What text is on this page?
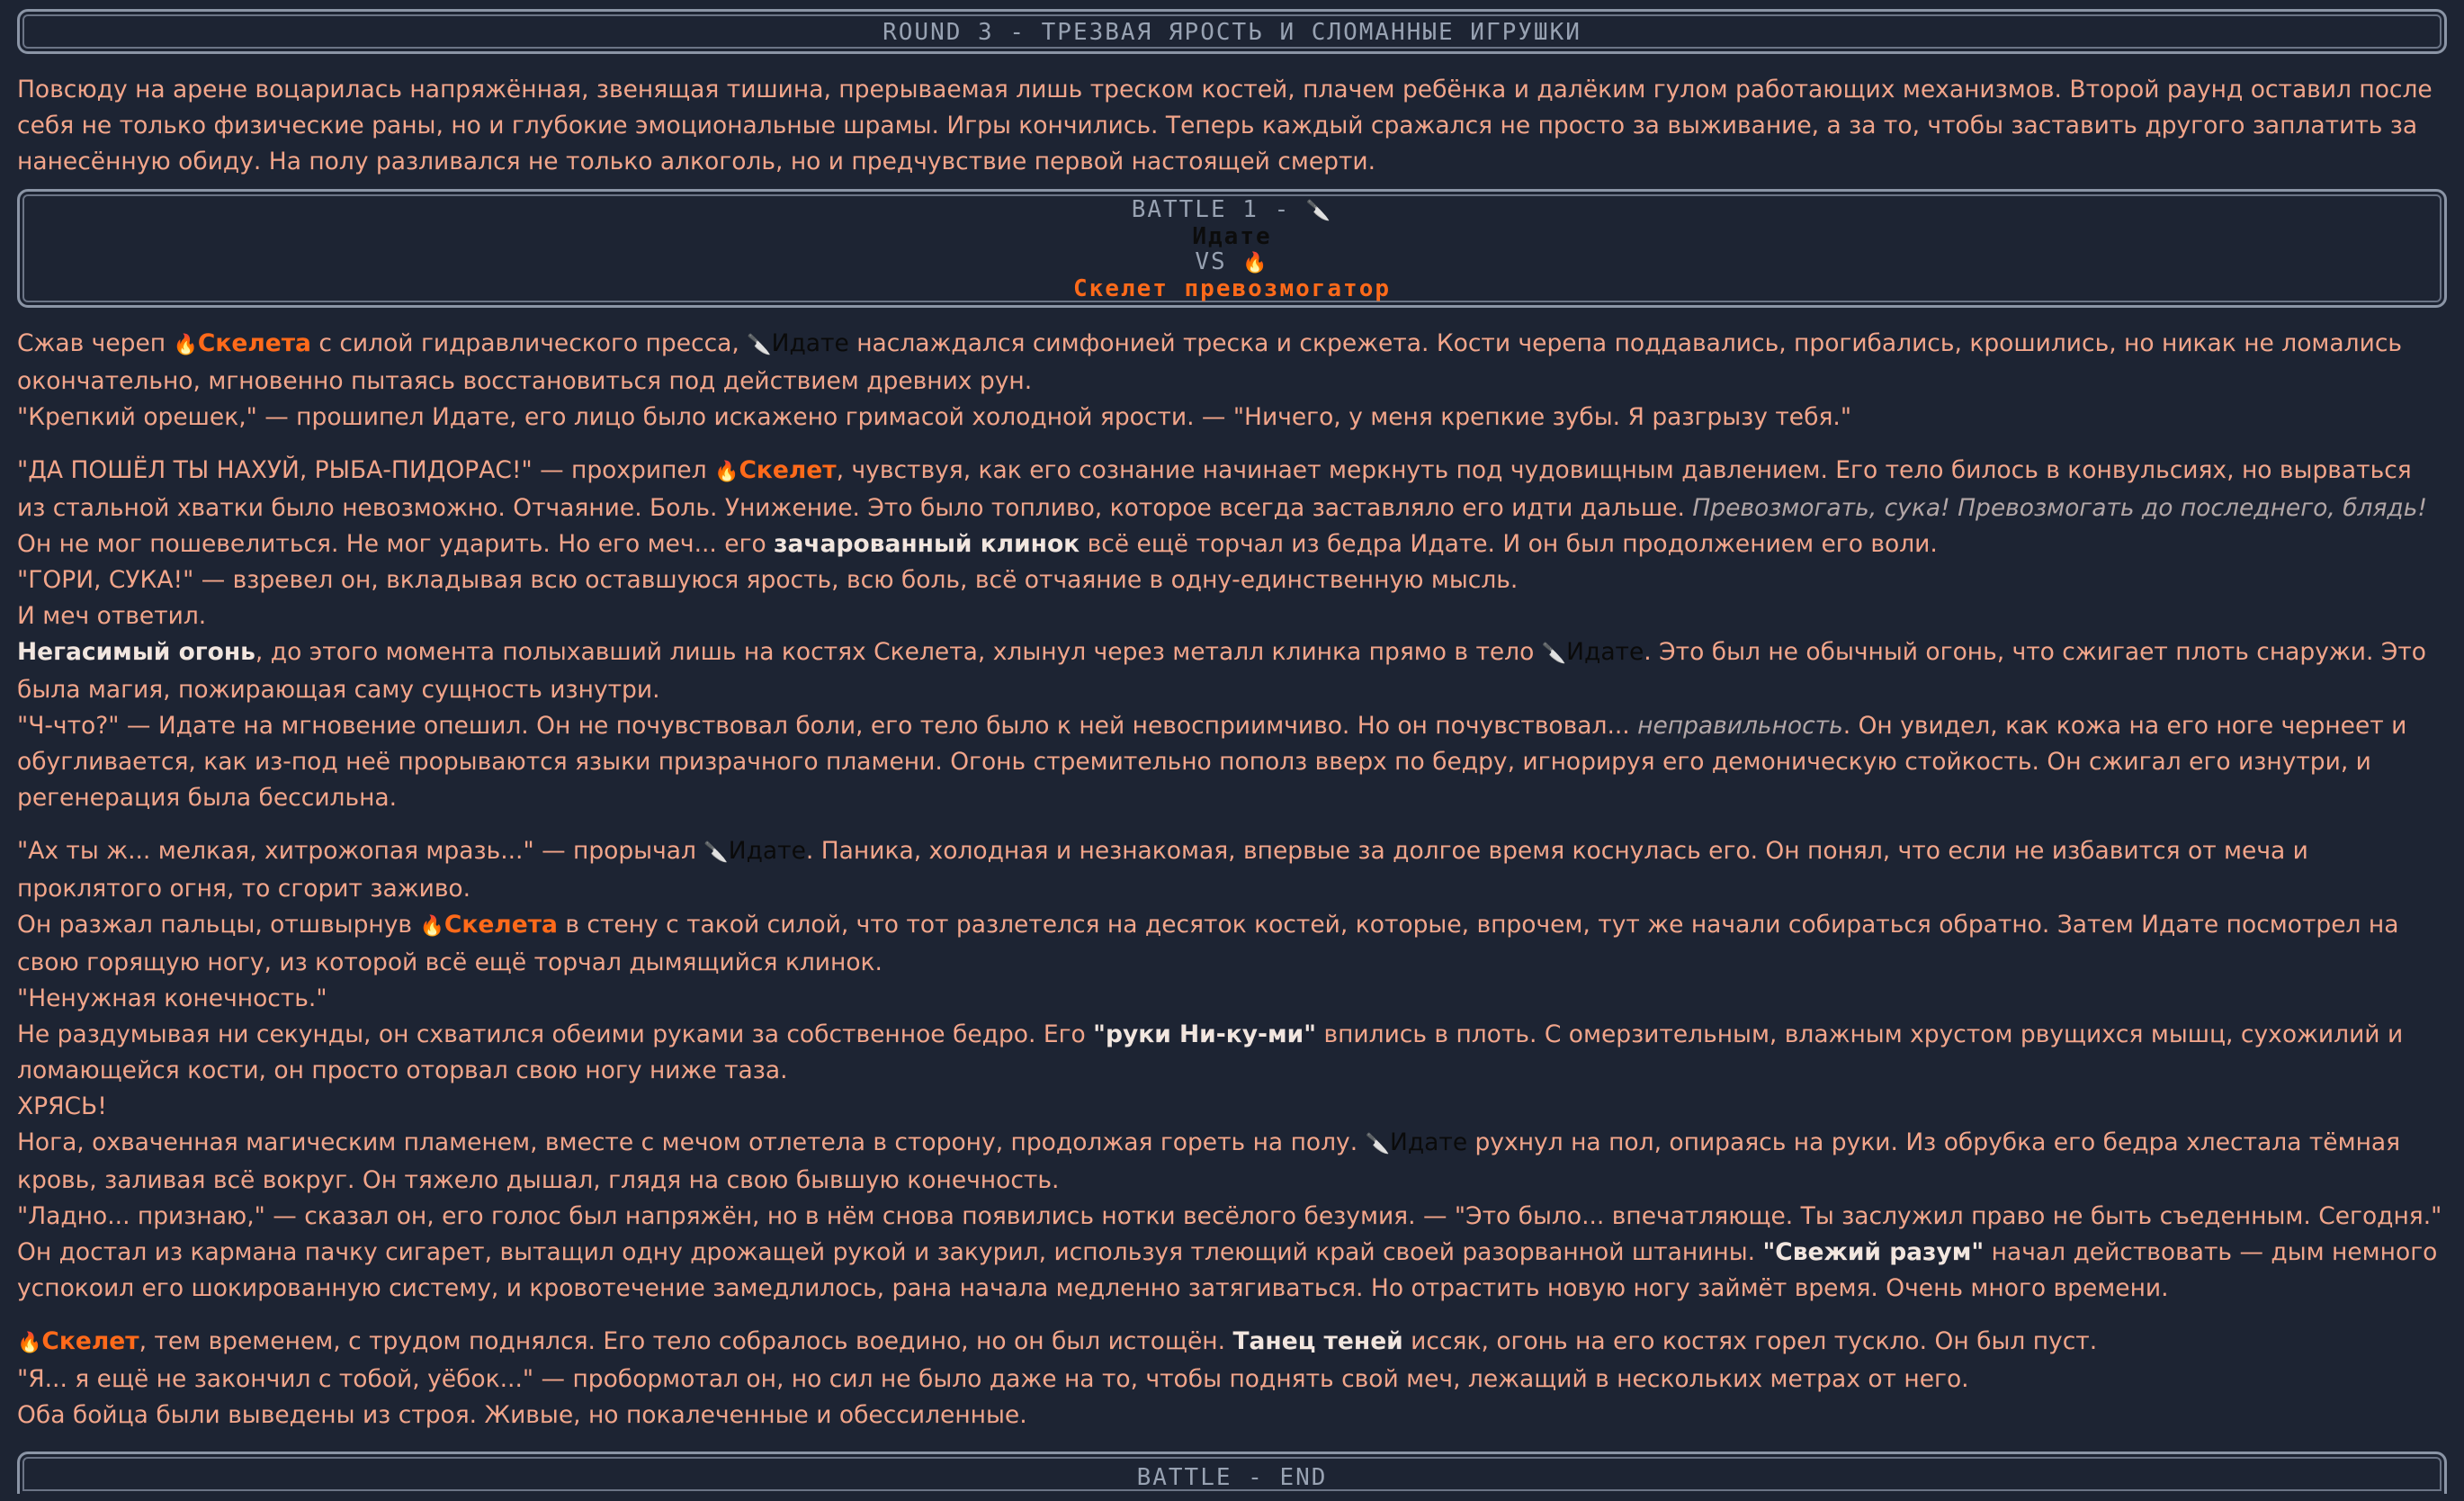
ROUND 3 - ТРЕЗВАЯ ЯРОСТЬ И СЛОМАННЫЕ ИГРУШКИ

Повсюду на арене воцарилась напряжённая, звенящая тишина, прерываемая лишь треском костей, плачем ребёнка и далёким гулом работающих механизмов. Второй раунд оставил после себя не только физические раны, но и глубокие эмоциональные шрамы. Игры кончились. Теперь каждый сражался не просто за выживание, а за то, чтобы заставить другого заплатить за нанесённую обиду. На полу разливался не только алкоголь, но и предчувствие первой настоящей смерти.

BATTLE 1 - 🔪
Идате
VS 🔥
Скелет превозмогатор

Сжав череп 🔥Скелета с силой гидравлического пресса, 🔪Идате наслаждался симфонией треска и скрежета. Кости черепа поддавались, прогибались, крошились, но никак не ломались окончательно, мгновенно пытаясь восстановиться под действием древних рун.

"Крепкий орешек," — прошипел Идате, его лицо было искажено гримасой холодной ярости. — "Ничего, у меня крепкие зубы. Я разгрызу тебя."

"ДА ПОШЁЛ ТЫ НАХУЙ, РЫБА-ПИДОРАС!" — прохрипел 🔥Скелет, чувствуя, как его сознание начинает меркнуть под чудовищным давлением. Его тело билось в конвульсиях, но вырваться из стальной хватки было невозможно. Отчаяние. Боль. Унижение. Это было топливо, которое всегда заставляло его идти дальше. Превозмогать, сука! Превозмогать до последнего, блядь!

Он не мог пошевелиться. Не мог ударить. Но его меч... его зачарованный клинок всё ещё торчал из бедра Идате. И он был продолжением его воли.

"ГОРИ, СУКА!" — взревел он, вкладывая всю оставшуюся ярость, всю боль, всё отчаяние в одну-единственную мысль.

И меч ответил.

Негасимый огонь, до этого момента полыхавший лишь на костях Скелета, хлынул через металл клинка прямо в тело 🔪Идате. Это был не обычный огонь, что сжигает плоть снаружи. Это была магия, пожирающая саму сущность изнутри.

"Ч-что?" — Идате на мгновение опешил. Он не почувствовал боли, его тело было к ней невосприимчиво. Но он почувствовал... неправильность. Он увидел, как кожа на его ноге чернеет и обугливается, как из-под неё прорываются языки призрачного пламени. Огонь стремительно пополз вверх по бедру, игнорируя его демоническую стойкость. Он сжигал его изнутри, и регенерация была бессильна.

"Ах ты ж... мелкая, хитрожопая мразь..." — прорычал 🔪Идате. Паника, холодная и незнакомая, впервые за долгое время коснулась его. Он понял, что если не избавится от меча и проклятого огня, то сгорит заживо.

Он разжал пальцы, отшвырнув 🔥Скелета в стену с такой силой, что тот разлетелся на десяток костей, которые, впрочем, тут же начали собираться обратно. Затем Идате посмотрел на свою горящую ногу, из которой всё ещё торчал дымящийся клинок.

"Ненужная конечность."

Не раздумывая ни секунды, он схватился обеими руками за собственное бедро. Его "руки Ни-ку-ми" впились в плоть. С омерзительным, влажным хрустом рвущихся мышц, сухожилий и ломающейся кости, он просто оторвал свою ногу ниже таза.

ХРЯСЬ!

Нога, охваченная магическим пламенем, вместе с мечом отлетела в сторону, продолжая гореть на полу. 🔪Идате рухнул на пол, опираясь на руки. Из обрубка его бедра хлестала тёмная кровь, заливая всё вокруг. Он тяжело дышал, глядя на свою бывшую конечность.

"Ладно... признаю," — сказал он, его голос был напряжён, но в нём снова появились нотки весёлого безумия. — "Это было... впечатляюще. Ты заслужил право не быть съеденным. Сегодня."

Он достал из кармана пачку сигарет, вытащил одну дрожащей рукой и закурил, используя тлеющий край своей разорванной штанины. "Свежий разум" начал действовать — дым немного успокоил его шокированную систему, и кровотечение замедлилось, рана начала медленно затягиваться. Но отрастить новую ногу займёт время. Очень много времени.

🔥Скелет, тем временем, с трудом поднялся. Его тело собралось воедино, но он был истощён. Танец теней иссяк, огонь на его костях горел тускло. Он был пуст.

"Я... я ещё не закончил с тобой, уёбок..." — пробормотал он, но сил не было даже на то, чтобы поднять свой меч, лежащий в нескольких метрах от него.

Оба бойца были выведены из строя. Живые, но покалеченные и обессиленные.

BATTLE - END
